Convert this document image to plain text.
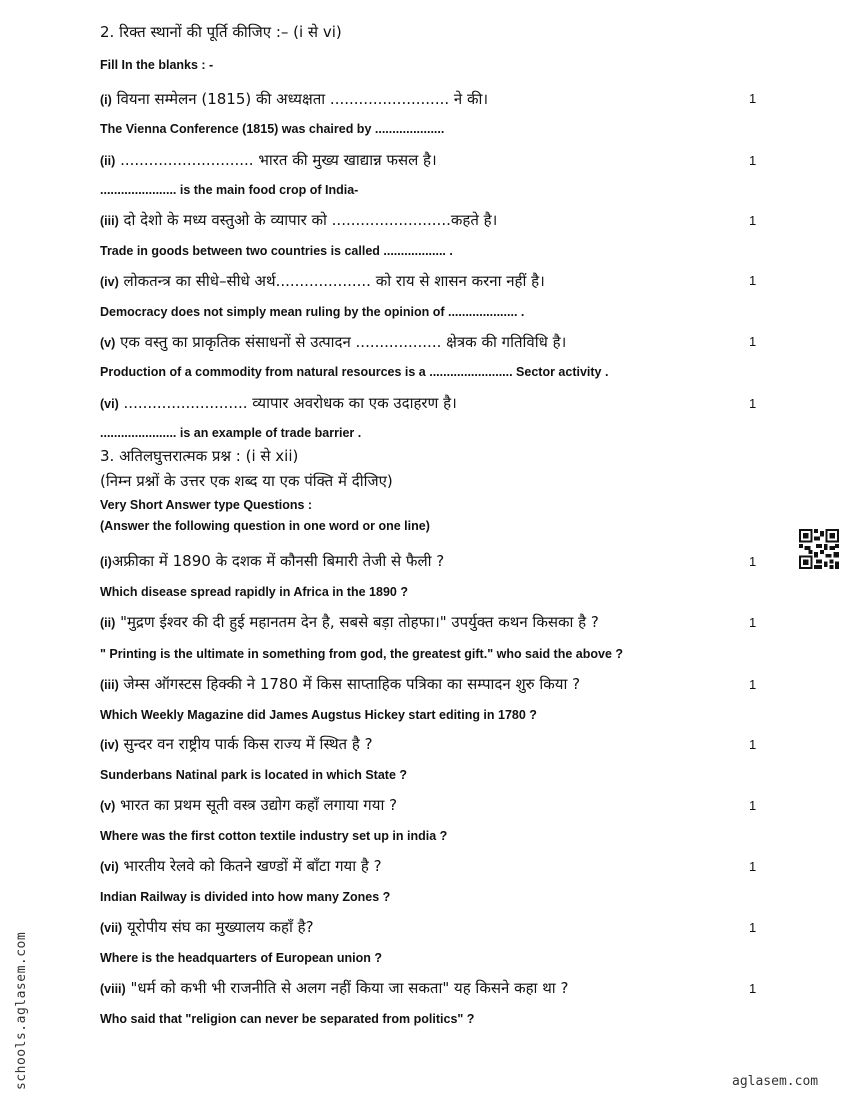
2. रिक्त स्थानों की पूर्ति कीजिए :– (i से vi)
Fill In the blanks : -
(i) वियना सम्मेलन (1815) की अध्यक्षता ......................... ने की।	1
The Vienna Conference (1815) was chaired by ....................
(ii) ............................ भारत की मुख्य खाद्यान्न फसल है।	1
...................... is the main food crop of India-
(iii) दो देशो के मध्य वस्तुओ के व्यापार को .........................कहते है।	1
Trade in goods between two countries is called .................. .
(iv) लोकतन्त्र का सीधे–सीधे अर्थ.................... को राय से शासन करना नहीं है।	1
Democracy does not simply mean ruling by the opinion of .................... .
(v) एक वस्तु का प्राकृतिक संसाधनों से उत्पादन .................. क्षेत्रक की गतिविधि है।	1
Production of a commodity from natural resources is a ........................ Sector activity .
(vi) .......................... व्यापार अवरोधक का एक उदाहरण है।	1
...................... is an example of trade barrier .
3. अतिलघुत्तरात्मक प्रश्न : (i से xii)
(निम्न प्रश्नों के उत्तर एक शब्द या एक पंक्ति में दीजिए)
Very Short Answer type Questions :
(Answer the following question in one word or one line)
(i)अफ्रीका में 1890 के दशक में कौनसी बिमारी तेजी से फैली ?	1
Which disease spread rapidly in Africa in the 1890 ?
(ii) "मुद्रण ईश्वर की दी हुई महानतम देन है, सबसे बड़ा तोहफा।" उपर्युक्त कथन किसका है ?	1
" Printing is the ultimate in something from god, the greatest gift." who said the above ?
(iii) जेम्स ऑगस्टस हिक्की ने 1780 में किस साप्ताहिक पत्रिका का सम्पादन शुरु किया ?	1
Which Weekly Magazine did James Augstus Hickey start editing in 1780 ?
(iv) सुन्दर वन राष्ट्रीय पार्क किस राज्य में स्थित है ?	1
Sunderbans Natinal park is located in which State ?
(v) भारत का प्रथम सूती वस्त्र उद्योग कहाँ लगाया गया ?	1
Where was the first cotton textile industry set up in india ?
(vi) भारतीय रेलवे को कितने खण्डों में बाँटा गया है ?	1
Indian Railway is divided into how many Zones ?
(vii) यूरोपीय संघ का मुख्यालय कहाँ है?	1
Where is the headquarters of European union ?
(viii) "धर्म को कभी भी राजनीति से अलग नहीं किया जा सकता" यह किसने कहा था ?	1
Who said that "religion can never be separated from politics" ?
schools.aglasem.com	aglasem.com
